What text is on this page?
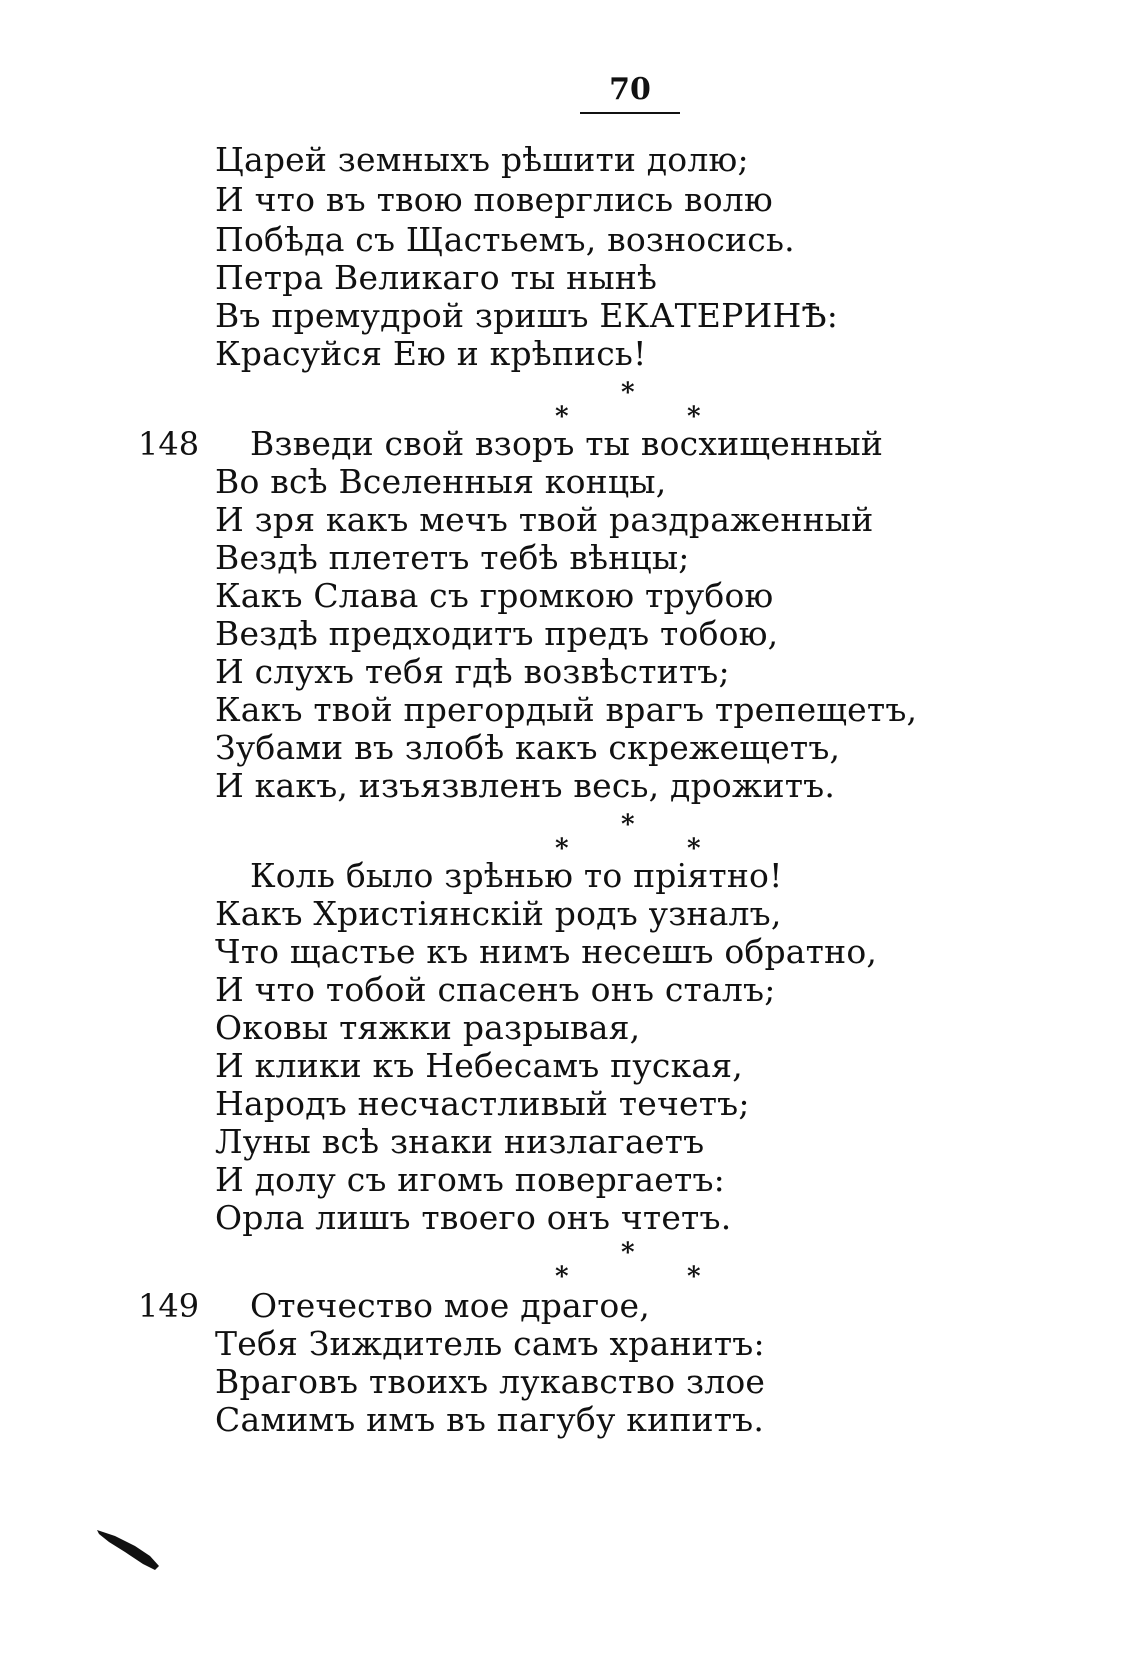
70
Царей земныхъ рѣшити долю;
И что въ твою поверглись волю
Побѣда съ Щастьемъ, возносись.
Петра Великаго ты нынѣ
Въ премудрой зришъ ЕКАТЕРИНѢ:
Красуйся Ею и крѣпись!
*
*	*
148 Взведи свой взоръ ты восхищенный
Во всѣ Вселенныя концы,
И зря какъ мечъ твой раздраженный
Вездѣ плететъ тебѣ вѣнцы;
Какъ Слава съ громкою трубою
Вездѣ предходитъ предъ тобою,
И слухъ тебя гдѣ возвѣститъ;
Какъ твой прегордый врагъ трепещетъ,
Зубами въ злобѣ какъ скрежещетъ,
И какъ, изъязвленъ весь, дрожитъ.
*
*	*
Коль было зрѣнью то прiятно!
Какъ Христiянскiй родъ узналъ,
Что щастье къ нимъ несешъ обратно,
И что тобой спасенъ онъ сталъ;
Оковы тяжки разрывая,
И клики къ Небесамъ пуская,
Народъ несчастливый течетъ;
Луны всѣ знаки низлагаетъ
И долу съ игомъ повергаетъ:
Орла лишъ твоего онъ чтетъ.
*
*	*
149 Отечество мое драгое,
Тебя Зиждитель самъ хранитъ:
Враговъ твоихъ лукавство злое
Самимъ имъ въ пагубу кипитъ.
